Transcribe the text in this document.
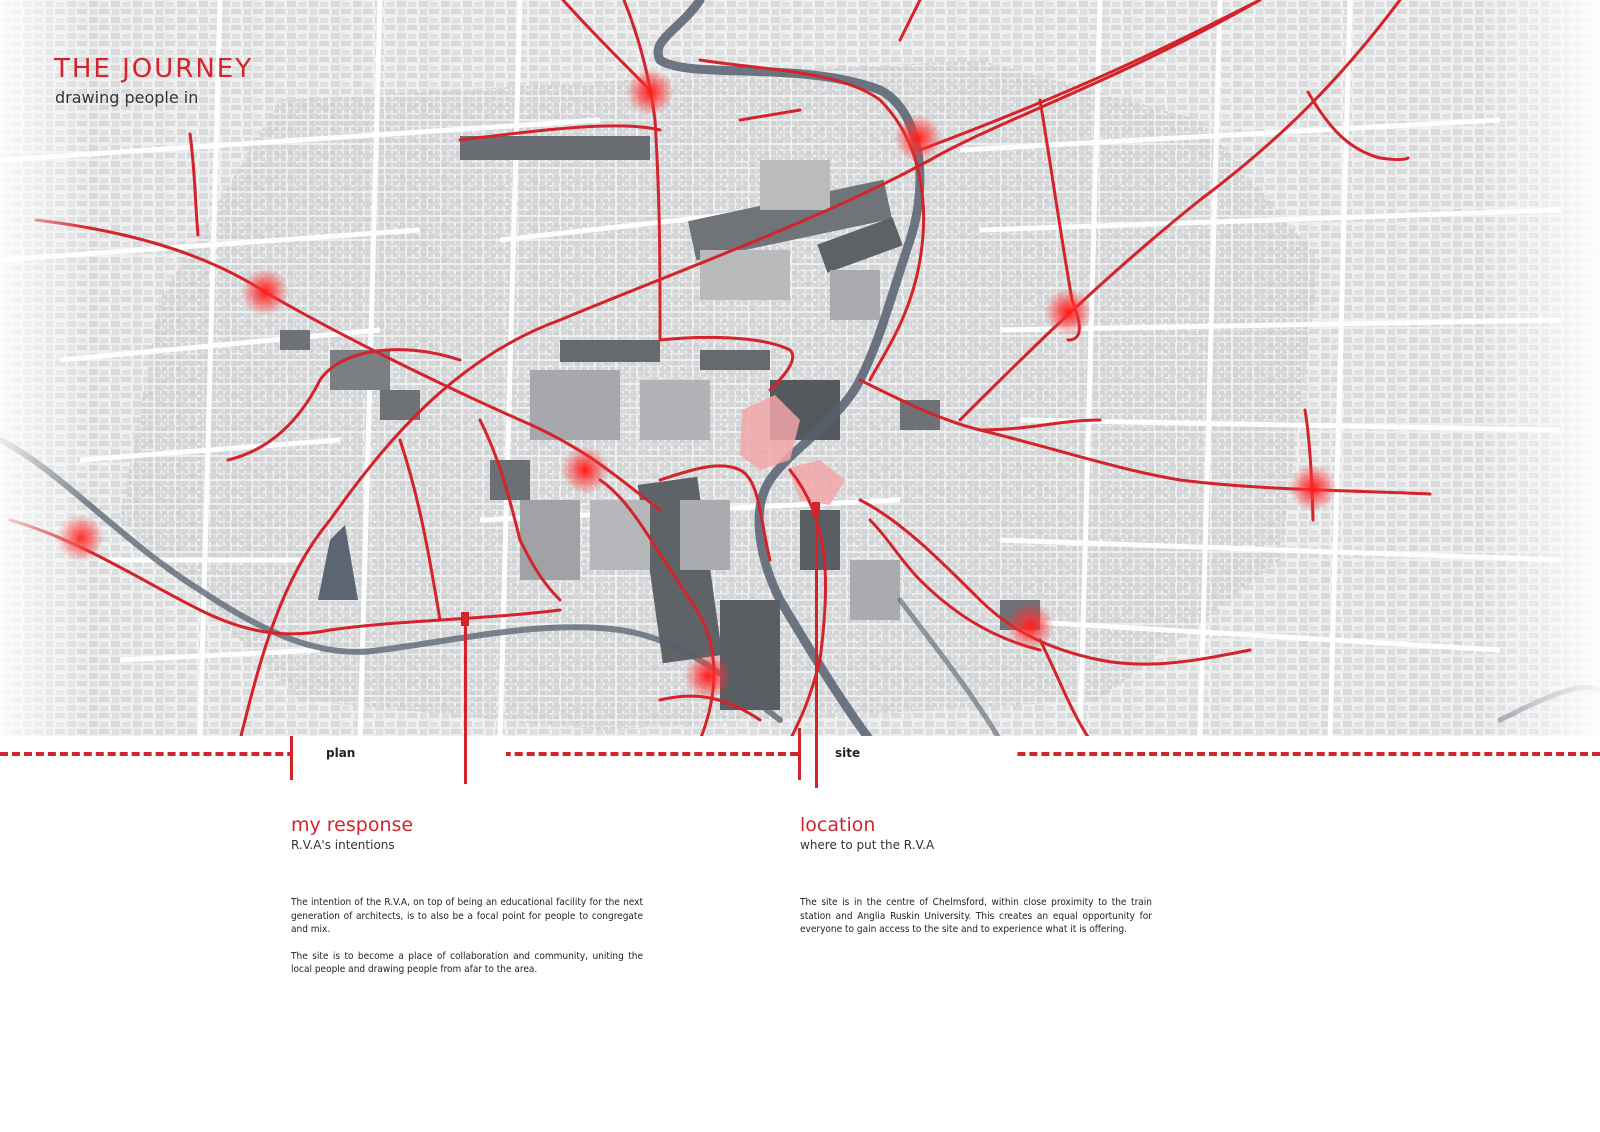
THE JOURNEY
drawing people in
plan	site
my response
R.V.A's intentions

The intention of the R.V.A, on top of being an educational facility for the next generation of architects, is to also be a focal point for people to congregate and mix.

The site is to become a place of collaboration and community, uniting the local people and drawing people from afar to the area.

location
where to put the R.V.A

The site is in the centre of Chelmsford, within close proximity to the train station and Anglia Ruskin University. This creates an equal opportunity for everyone to gain access to the site and to experience what it is offering.
